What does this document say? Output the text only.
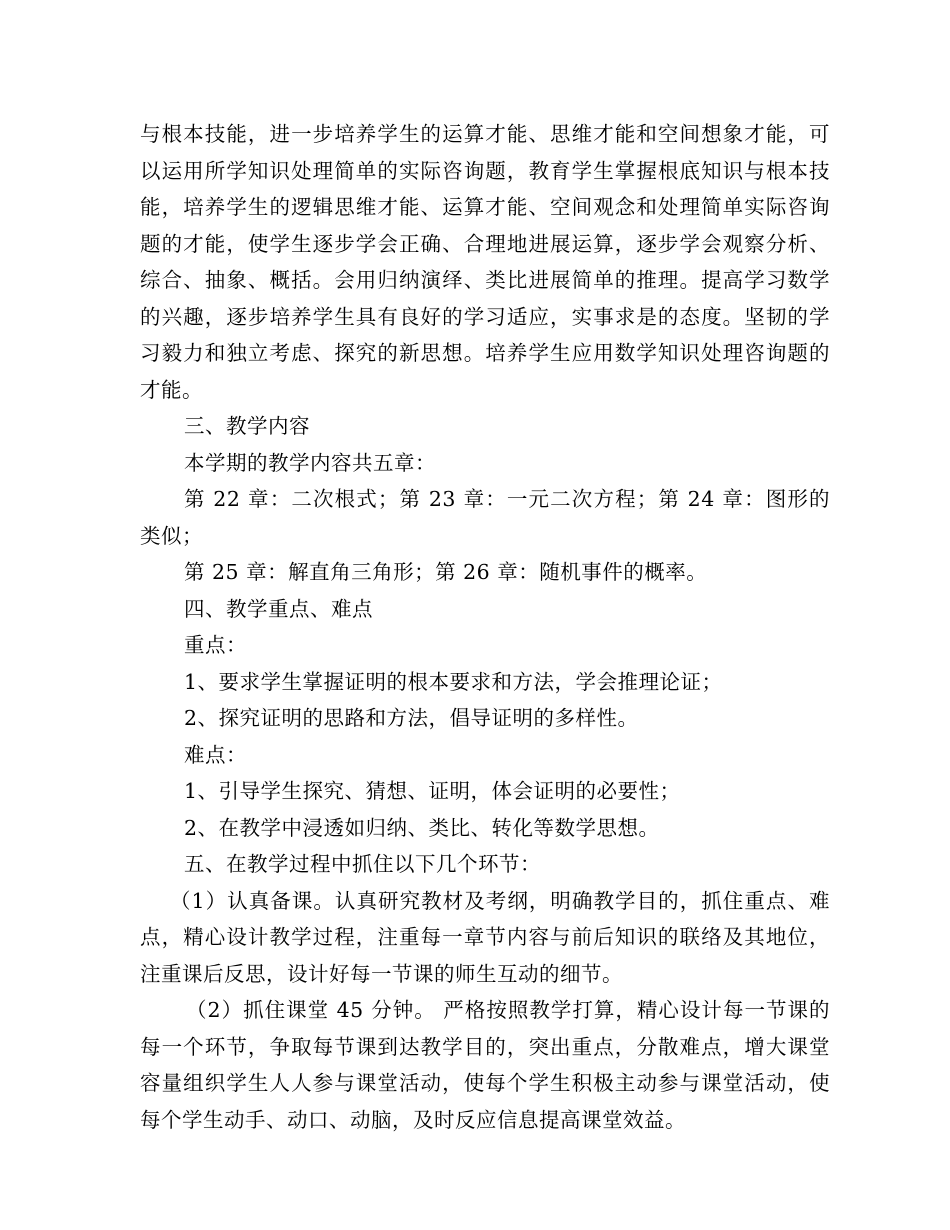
与根本技能，进一步培养学生的运算才能、思维才能和空间想象才能，可以运用所学知识处理简单的实际咨询题，教育学生掌握根底知识与根本技能，培养学生的逻辑思维才能、运算才能、空间观念和处理简单实际咨询题的才能，使学生逐步学会正确、合理地进展运算，逐步学会观察分析、综合、抽象、概括。会用归纳演绎、类比进展简单的推理。提高学习数学的兴趣，逐步培养学生具有良好的学习适应，实事求是的态度。坚韧的学习毅力和独立考虑、探究的新思想。培养学生应用数学知识处理咨询题的才能。

三、教学内容

本学期的教学内容共五章：

第 22 章：二次根式；第 23 章：一元二次方程；第 24 章：图形的类似；

第 25 章：解直角三角形；第 26 章：随机事件的概率。

四、教学重点、难点

重点：

1、要求学生掌握证明的根本要求和方法，学会推理论证；

2、探究证明的思路和方法，倡导证明的多样性。

难点：

1、引导学生探究、猜想、证明，体会证明的必要性；

2、在教学中浸透如归纳、类比、转化等数学思想。

五、在教学过程中抓住以下几个环节：

（1）认真备课。认真研究教材及考纲，明确教学目的，抓住重点、难点，精心设计教学过程，注重每一章节内容与前后知识的联络及其地位，注重课后反思，设计好每一节课的师生互动的细节。

（2）抓住课堂 45 分钟。 严格按照教学打算，精心设计每一节课的每一个环节，争取每节课到达教学目的，突出重点，分散难点，增大课堂容量组织学生人人参与课堂活动，使每个学生积极主动参与课堂活动，使每个学生动手、动口、动脑，及时反应信息提高课堂效益。
